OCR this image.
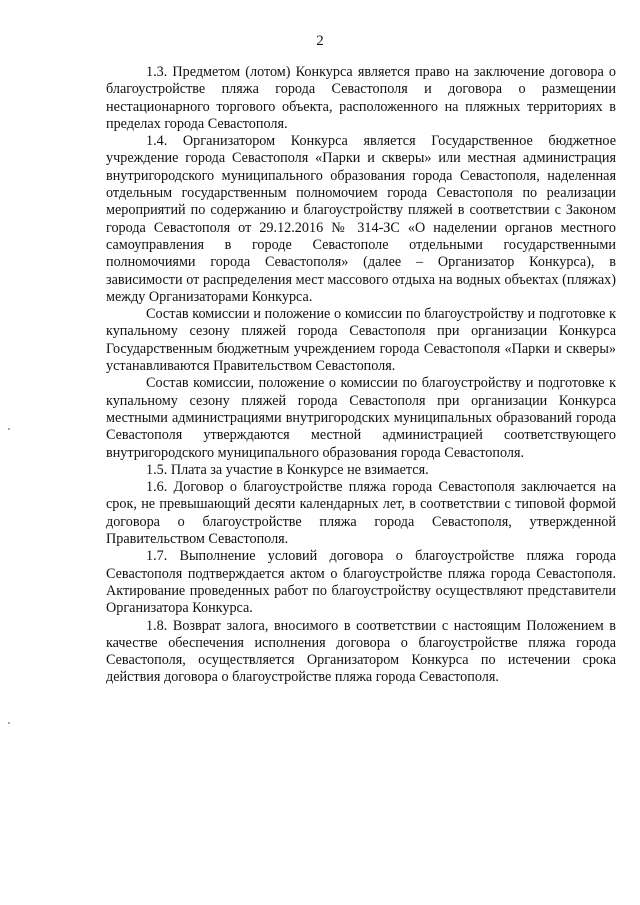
2

1.3. Предметом (лотом) Конкурса является право на заключение договора о благоустройстве пляжа города Севастополя и договора о размещении нестационарного торгового объекта, расположенного на пляжных территориях в пределах города Севастополя.

1.4. Организатором Конкурса является Государственное бюджетное учреждение города Севастополя «Парки и скверы» или местная администрация внутригородского муниципального образования города Севастополя, наделенная отдельным государственным полномочием города Севастополя по реализации мероприятий по содержанию и благоустройству пляжей в соответствии с Законом города Севастополя от 29.12.2016 № 314-ЗС «О наделении органов местного самоуправления в городе Севастополе отдельными государственными полномочиями города Севастополя» (далее – Организатор Конкурса), в зависимости от распределения мест массового отдыха на водных объектах (пляжах) между Организаторами Конкурса.

Состав комиссии и положение о комиссии по благоустройству и подготовке к купальному сезону пляжей города Севастополя при организации Конкурса Государственным бюджетным учреждением города Севастополя «Парки и скверы» устанавливаются Правительством Севастополя.

Состав комиссии, положение о комиссии по благоустройству и подготовке к купальному сезону пляжей города Севастополя при организации Конкурса местными администрациями внутригородских муниципальных образований города Севастополя утверждаются местной администрацией соответствующего внутригородского муниципального образования города Севастополя.

1.5. Плата за участие в Конкурсе не взимается.

1.6. Договор о благоустройстве пляжа города Севастополя заключается на срок, не превышающий десяти календарных лет, в соответствии с типовой формой договора о благоустройстве пляжа города Севастополя, утвержденной Правительством Севастополя.

1.7. Выполнение условий договора о благоустройстве пляжа города Севастополя подтверждается актом о благоустройстве пляжа города Севастополя. Актирование проведенных работ по благоустройству осуществляют представители Организатора Конкурса.

1.8. Возврат залога, вносимого в соответствии с настоящим Положением в качестве обеспечения исполнения договора о благоустройстве пляжа города Севастополя, осуществляется Организатором Конкурса по истечении срока действия договора о благоустройстве пляжа города Севастополя.
